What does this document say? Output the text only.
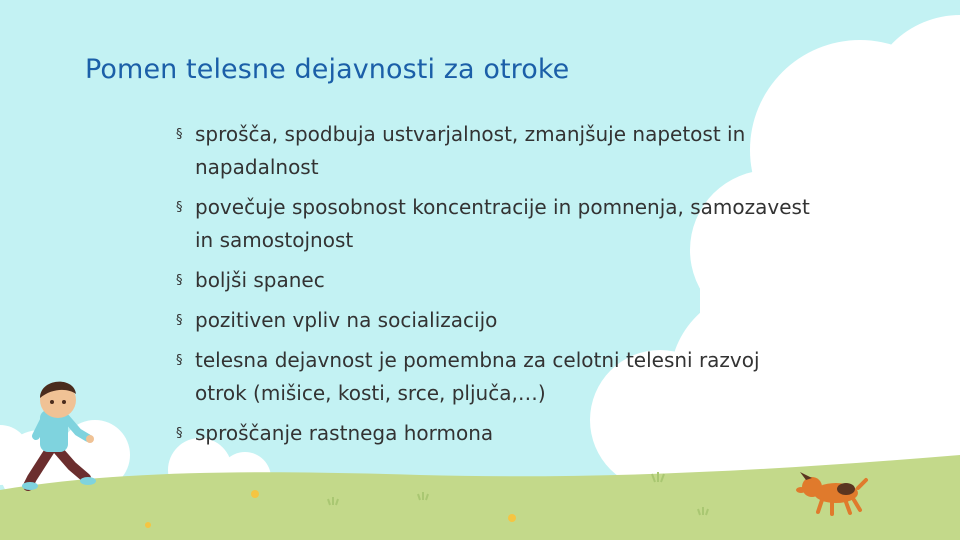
Pomen telesne dejavnosti za otroke
§ sprošča, spodbuja ustvarjalnost, zmanjšuje napetost in napadalnost
§ povečuje sposobnost koncentracije in pomnenja, samozavest in samostojnost
§ boljši spanec
§ pozitiven vpliv na socializacijo
§ telesna dejavnost je pomembna za celotni telesni razvoj otrok (mišice, kosti, srce, pljuča,…)
§ sproščanje rastnega hormona
